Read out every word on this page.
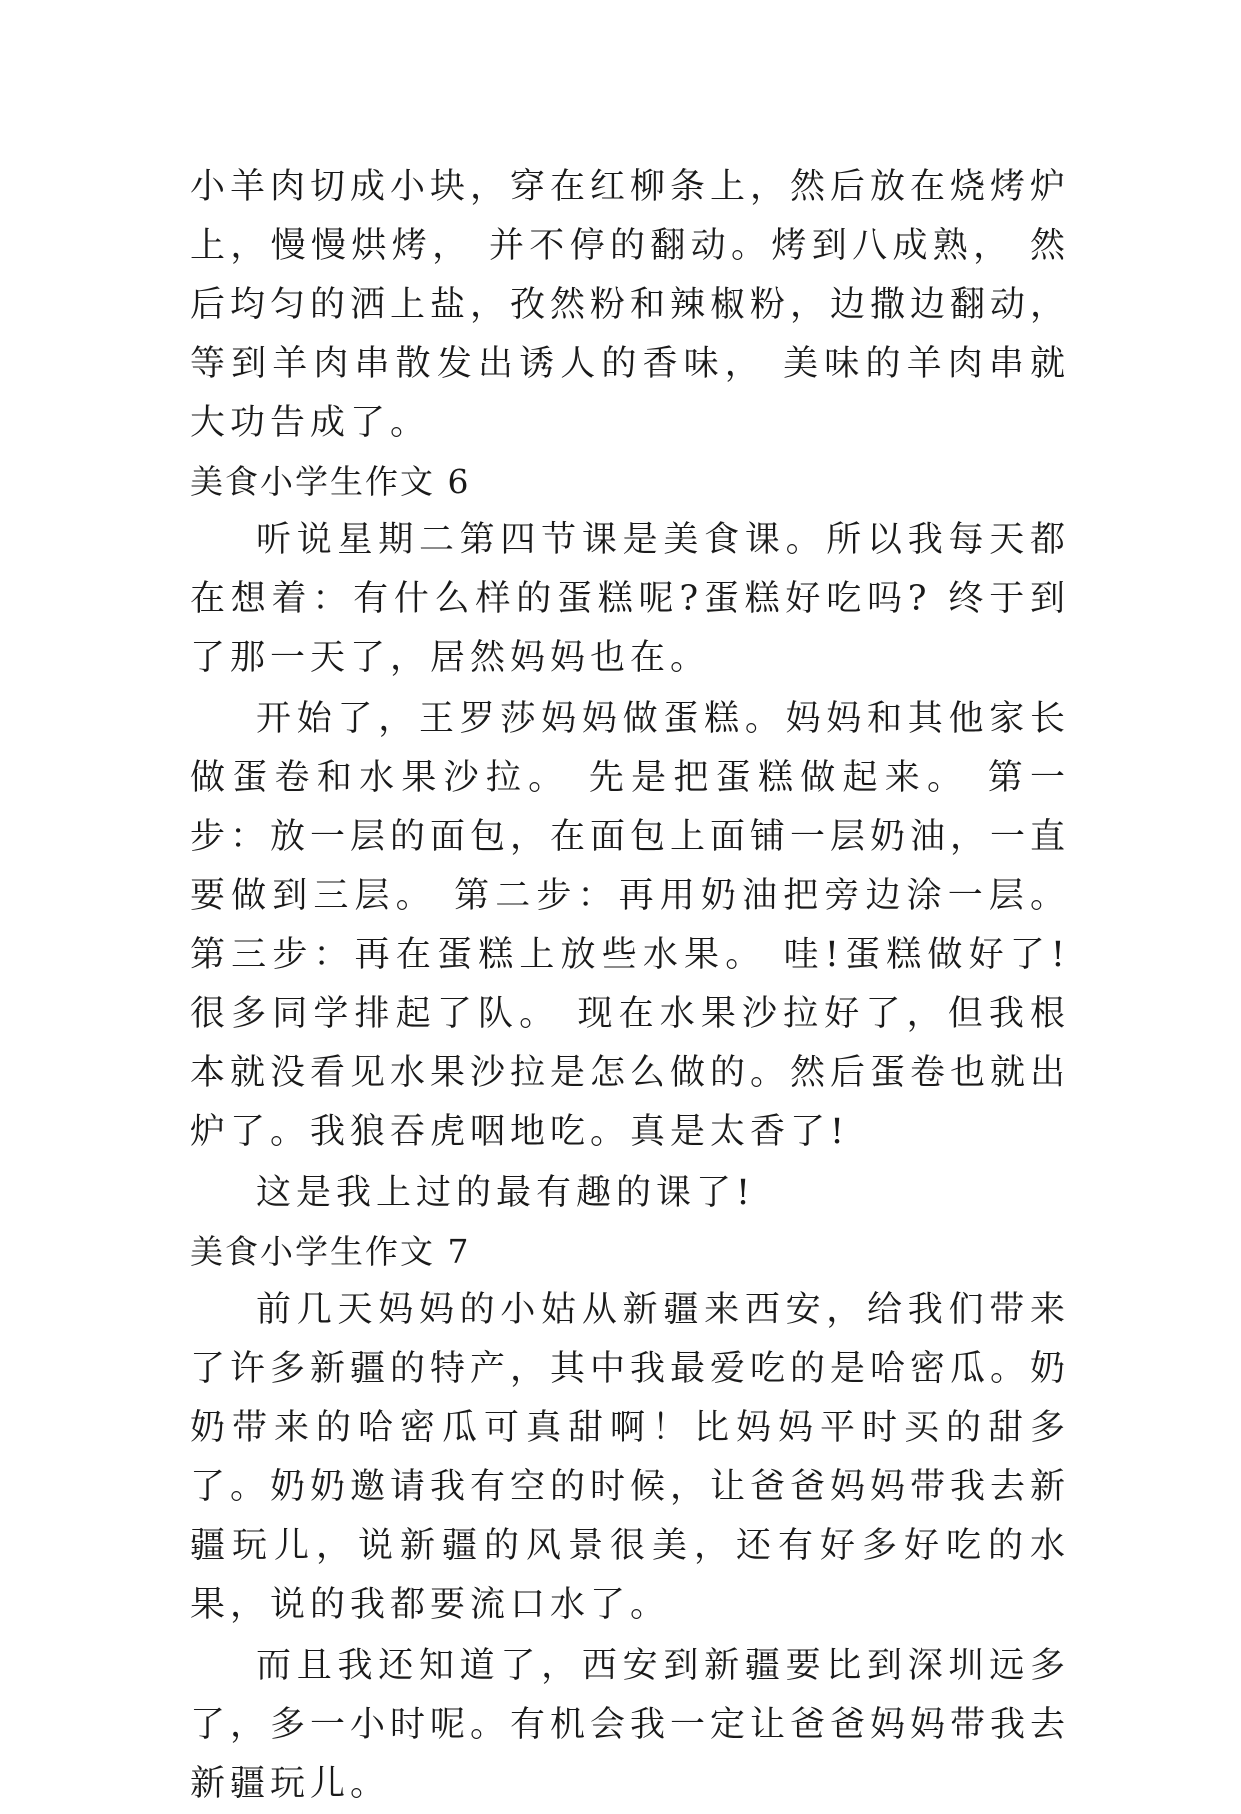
小羊肉切成小块，穿在红柳条上，然后放在烧烤炉上，慢慢烘烤， 并不停的翻动。烤到八成熟， 然后均匀的洒上盐，孜然粉和辣椒粉，边撒边翻动， 等到羊肉串散发出诱人的香味， 美味的羊肉串就大功告成了。

美食小学生作文 6

听说星期二第四节课是美食课。所以我每天都在想着：有什么样的蛋糕呢?蛋糕好吃吗? 终于到了那一天了，居然妈妈也在。

开始了，王罗莎妈妈做蛋糕。妈妈和其他家长做蛋卷和水果沙拉。 先是把蛋糕做起来。 第一步：放一层的面包，在面包上面铺一层奶油，一直要做到三层。 第二步：再用奶油把旁边涂一层。 第三步：再在蛋糕上放些水果。 哇!蛋糕做好了!很多同学排起了队。 现在水果沙拉好了，但我根本就没看见水果沙拉是怎么做的。然后蛋卷也就出炉了。我狼吞虎咽地吃。真是太香了!

这是我上过的最有趣的课了!

美食小学生作文 7

前几天妈妈的小姑从新疆来西安，给我们带来了许多新疆的特产，其中我最爱吃的是哈密瓜。奶奶带来的哈密瓜可真甜啊！比妈妈平时买的甜多了。奶奶邀请我有空的时候，让爸爸妈妈带我去新疆玩儿，说新疆的风景很美，还有好多好吃的水果，说的我都要流口水了。

而且我还知道了，西安到新疆要比到深圳远多了，多一小时呢。有机会我一定让爸爸妈妈带我去新疆玩儿。
